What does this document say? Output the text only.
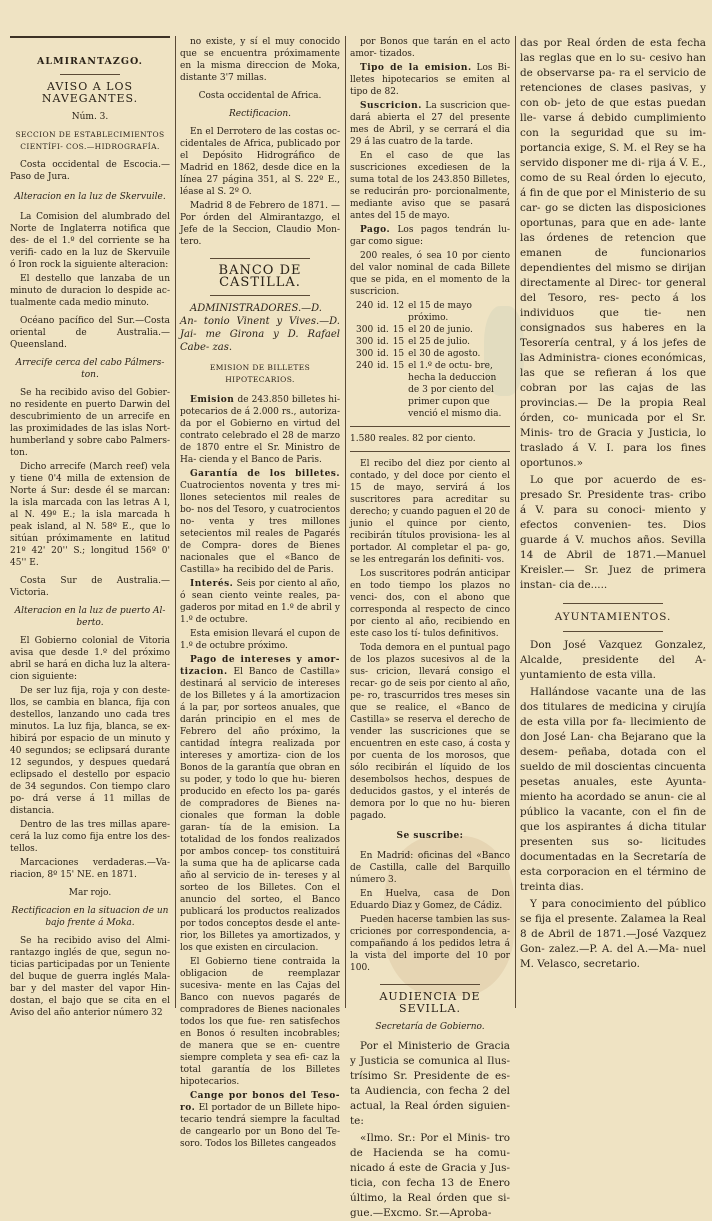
ALMIRANTAZGO.

AVISO A LOS NAVEGANTES.

Núm. 3.

SECCION DE ESTABLECIMIENTOS CIENTÍFI- COS.—HIDROGRAFÍA.

Costa occidental de Escocia.—Paso de Jura.

Alteracion en la luz de Skervuile.

La Comision del alumbrado del Norte de Inglaterra notifica que des- de el 1.º del corriente se ha verifi- cado en la luz de Skervuile ó Iron rock la siguiente alteracion:

El destello que lanzaba de un minuto de duracion lo despide ac- tualmente cada medio minuto.

Océano pacífico del Sur.—Costa oriental de Australia.—Queensland.

Arrecife cerca del cabo Pálmers- ton.

Se ha recibido aviso del Gobier- no residente en puerto Darwin del descubrimiento de un arrecife en las proximidades de las islas Nort- humberland y sobre cabo Palmers- ton.

Dicho arrecife (March reef) vela y tiene 0'4 milla de extension de Norte á Sur: desde él se marcan: la isla marcada con las letras A l, al N. 49º E.; la isla marcada h peak island, al N. 58º E., que lo sitúan próximamente en latitud 21º 42' 20'' S.; longitud 156º 0' 45'' E.

Costa Sur de Australia.—Victoria.

Alteracion en la luz de puerto Al- berto.

El Gobierno colonial de Vitoria avisa que desde 1.º del próximo abril se hará en dicha luz la altera- cion siguiente:

De ser luz fija, roja y con deste- llos, se cambia en blanca, fija con destellos, lanzando uno cada tres minutos. La luz fija, blanca, se ex- hibirá por espacio de un minuto y 40 segundos; se eclipsará durante 12 segundos, y despues quedará eclipsado el destello por espacio de 34 segundos. Con tiempo claro po- drá verse á 11 millas de distancia.

Dentro de las tres millas apare- cerá la luz como fija entre los des- tellos.

Marcaciones verdaderas.—Va- riacion, 8º 15' NE. en 1871.

Mar rojo.

Rectificacion en la situacion de un bajo frente á Moka.

Se ha recibido aviso del Almi- rantazgo inglés de que, segun no- ticias participadas por un Teniente del buque de guerra inglés Mala- bar y del master del vapor Hin- dostan, el bajo que se cita en el Aviso del año anterior número 32

no existe, y sí el muy conocido que se encuentra próximamente en la misma direccion de Moka, distante 3'7 millas.

Costa occidental de Africa.

Rectificacion.

En el Derrotero de las costas oc- cidentales de Africa, publicado por el Depósito Hidrográfico de Madrid en 1862, desde dice en la línea 27 página 351, al S. 22º E., léase al S. 2º O.

Madrid 8 de Febrero de 1871. —Por órden del Almirantazgo, el Jefe de la Seccion, Claudio Mon- tero.

BANCO DE CASTILLA.

ADMINISTRADORES.—D. An- tonio Vinent y Vives.—D. Jai- me Girona y D. Rafael Cabe- zas.

EMISION DE BILLETES HIPOTECARIOS.

Emision de 243.850 billetes hi- potecarios de á 2.000 rs., autoriza- da por el Gobierno en virtud del contrato celebrado el 28 de marzo de 1870 entre el Sr. Ministro de Ha- cienda y el Banco de Paris.

Garantía de los billetes. Cuatrocientos noventa y tres mi- llones setecientos mil reales de bo- nos del Tesoro, y cuatrocientos no- venta y tres millones setecientos mil reales de Pagarés de Compra- dores de Bienes nacionales que el «Banco de Castilla» ha recibido del de Paris.

Interés. Seis por ciento al año, ó sean ciento veinte reales, pa- gaderos por mitad en 1.º de abril y 1.º de octubre.

Esta emision llevará el cupon de 1.º de octubre próximo.

Pago de intereses y amor- tizacion. El Banco de Castilla» destinará al servicio de intereses de los Billetes y á la amortizacion á la par, por sorteos anuales, que darán principio en el mes de Febrero del año próximo, la cantidad íntegra realizada por intereses y amortiza- cion de los Bonos de la garantía que obran en su poder, y todo lo que hu- bieren producido en efecto los pa- garés de compradores de Bienes na- cionales que forman la doble garan- tía de la emision. La totalidad de los fondos realizados por ambos concep- tos constituirá la suma que ha de aplicarse cada año al servicio de in- tereses y al sorteo de los Billetes. Con el anuncio del sorteo, el Banco publicará los productos realizados por todos conceptos desde el ante- rior, los Billetes ya amortizados, y los que existen en circulacion.

El Gobierno tiene contraida la obligacion de reemplazar sucesiva- mente en las Cajas del Banco con nuevos pagarés de compradores de Bienes nacionales todos los que fue- ren satisfechos en Bonos ó resulten incobrables; de manera que se en- cuentre siempre completa y sea efi- caz la total garantía de los Billetes hipotecarios.

Cange por bonos del Teso- ro. El portador de un Billete hipo- tecario tendrá siempre la facultad de cangearlo por un Bono del Te- soro. Todos los Billetes cangeados

por Bonos que tarán en el acto amor- tizados.

Tipo de la emision. Los Bi- lletes hipotecarios se emiten al tipo de 82.

Suscricion. La suscricion que- dará abierta el 27 del presente mes de Abril, y se cerrará el dia 29 á las cuatro de la tarde.

En el caso de que las suscriciones excediesen de la suma total de los 243.850 Billetes, se reducirán pro- porcionalmente, mediante aviso que se pasará antes del 15 de mayo.

Pago. Los pagos tendrán lu- gar como sigue:

200 reales, ó sea 10 por ciento del valor nominal de cada Billete que se pida, en el momento de la suscricion.

240	id.	12	el 15 de mayo próximo.
300	id.	15	el 20 de junio.
300	id.	15	el 25 de julio.
300	id.	15	el 30 de agosto.
240	id.	15	el 1.º de octu- bre, hecha la deduccion de 3 por ciento del primer cupon que venció el mismo dia.

1.580 reales. 82 por ciento.

El recibo del diez por ciento al contado, y del doce por ciento el 15 de mayo, servirá á los suscritores para acreditar su derecho; y cuando paguen el 20 de junio el quince por ciento, recibirán títulos provisiona- les al portador. Al completar el pa- go, se les entregarán los definiti- vos.

Los suscritores podrán anticipar en todo tiempo los plazos no venci- dos, con el abono que corresponda al respecto de cinco por ciento al año, recibiendo en este caso los tí- tulos definitivos.

Toda demora en el puntual pago de los plazos sucesivos al de la sus- cricion, llevará consigo el recar- go de seis por ciento al año, pe- ro, trascurridos tres meses sin que se realice, el «Banco de Castilla» se reserva el derecho de vender las suscriciones que se encuentren en este caso, á costa y por cuenta de los morosos, que sólo recibirán el líquido de los desembolsos hechos, despues de deducidos gastos, y el interés de demora por lo que no hu- bieren pagado.

Se suscribe:

En Madrid: oficinas del «Banco de Castilla, calle del Barquillo número 3.

En Huelva, casa de Don Eduardo Diaz y Gomez, de Cádiz.

Pueden hacerse tambien las sus- criciones por correspondencia, a- compañando á los pedidos letra á la vista del importe del 10 por 100.

AUDIENCIA DE SEVILLA.

Secretaría de Gobierno.

Por el Ministerio de Gracia y Justicia se comunica al Ilus- trísimo Sr. Presidente de es- ta Audiencia, con fecha 2 del actual, la Real órden siguien- te:

«Ilmo. Sr.: Por el Minis- tro de Hacienda se ha comu- nicado á este de Gracia y Jus- ticia, con fecha 13 de Enero último, la Real órden que si- gue.—Excmo. Sr.—Aproba-

das por Real órden de esta fecha las reglas que en lo su- cesivo han de observarse pa- ra el servicio de retenciones de clases pasivas, y con ob- jeto de que estas puedan lle- varse á debido cumplimiento con la seguridad que su im- portancia exige, S. M. el Rey se ha servido disponer me di- rija á V. E., como de su Real órden lo ejecuto, á fin de que por el Ministerio de su car- go se dicten las disposiciones oportunas, para que en ade- lante las órdenes de retencion que emanen de funcionarios dependientes del mismo se dirijan directamente al Direc- tor general del Tesoro, res- pecto á los individuos que tie- nen consignados sus haberes en la Tesorería central, y á los jefes de las Administra- ciones económicas, las que se refieran á los que cobran por las cajas de las provincias.— De la propia Real órden, co- municada por el Sr. Minis- tro de Gracia y Justicia, lo traslado á V. I. para los fines oportunos.»

Lo que por acuerdo de es- presado Sr. Presidente tras- cribo á V. para su conoci- miento y efectos convenien- tes. Dios guarde á V. muchos años. Sevilla 14 de Abril de 1871.—Manuel Kreisler.— Sr. Juez de primera instan- cia de.....

AYUNTAMIENTOS.

Don José Vazquez Gonzalez, Alcalde, presidente del A- yuntamiento de esta villa.

Hallándose vacante una de las dos titulares de medicina y cirujía de esta villa por fa- llecimiento de don José Lan- cha Bejarano que la desem- peñaba, dotada con el sueldo de mil doscientas cincuenta pesetas anuales, este Ayunta- miento ha acordado se anun- cie al público la vacante, con el fin de que los aspirantes á dicha titular presenten sus so- licitudes documentadas en la Secretaría de esta corporacion en el término de treinta dias.

Y para conocimiento del público se fija el presente. Zalamea la Real 8 de Abril de 1871.—José Vazquez Gon- zalez.—P. A. del A.—Ma- nuel M. Velasco, secretario.
